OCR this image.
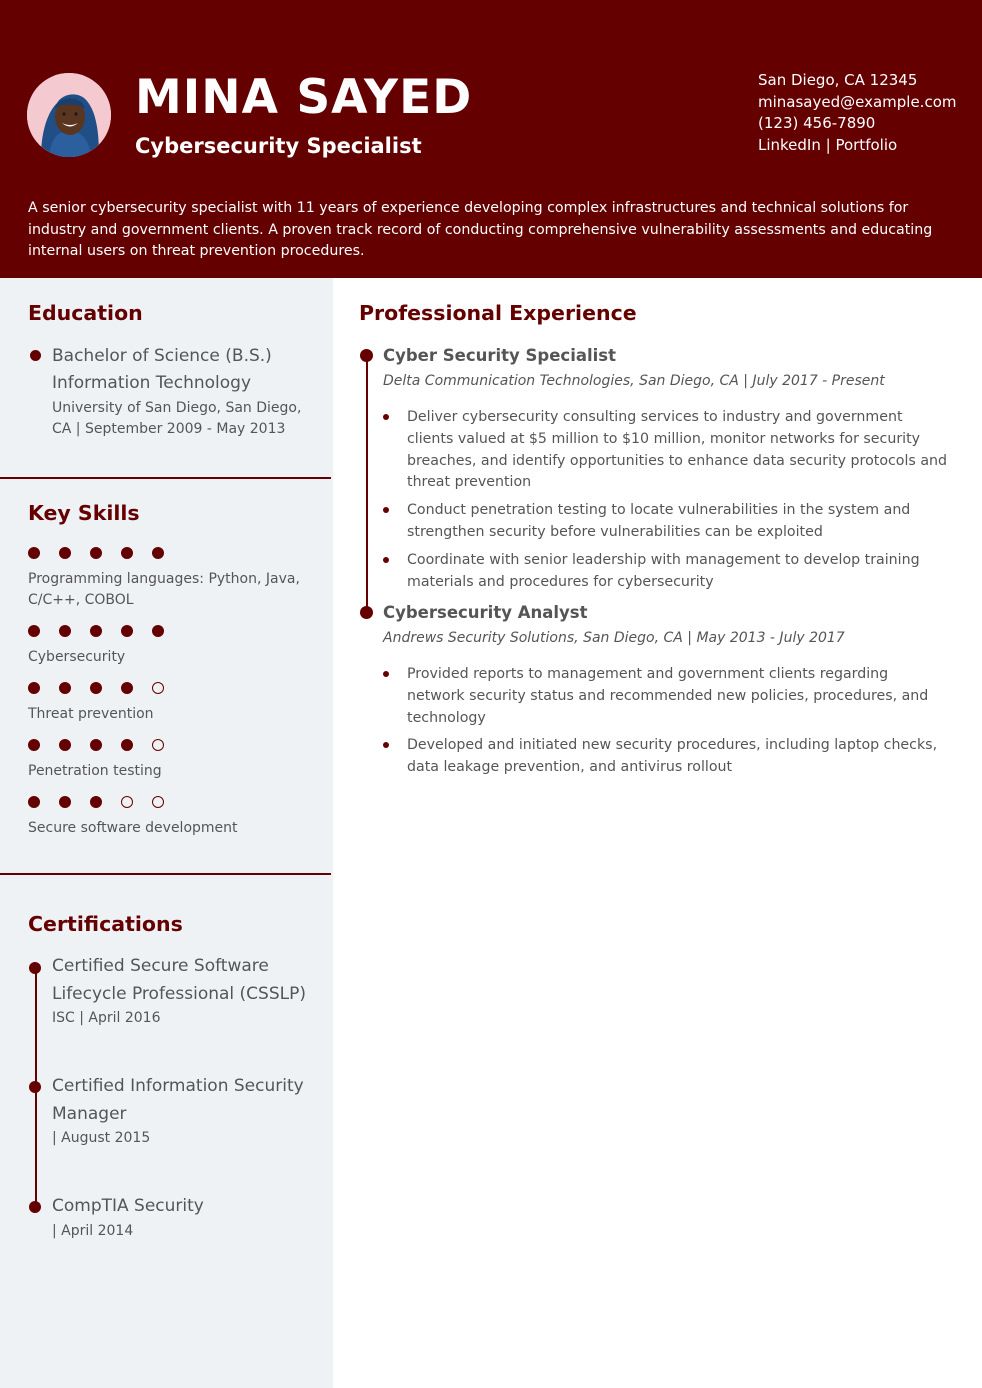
MINA SAYED
Cybersecurity Specialist
San Diego, CA 12345
minasayed@example.com
(123) 456-7890
LinkedIn | Portfolio
A senior cybersecurity specialist with 11 years of experience developing complex infrastructures and technical solutions for industry and government clients. A proven track record of conducting comprehensive vulnerability assessments and educating internal users on threat prevention procedures.
Education
Bachelor of Science (B.S.) Information Technology
University of San Diego, San Diego, CA | September 2009 - May 2013
Key Skills
Programming languages: Python, Java, C/C++, COBOL
Cybersecurity
Threat prevention
Penetration testing
Secure software development
Certifications
Certified Secure Software Lifecycle Professional (CSSLP)
ISC | April 2016
Certified Information Security Manager
| August 2015
CompTIA Security
| April 2014
Professional Experience
Cyber Security Specialist
Delta Communication Technologies, San Diego, CA | July 2017 - Present
Deliver cybersecurity consulting services to industry and government clients valued at $5 million to $10 million, monitor networks for security breaches, and identify opportunities to enhance data security protocols and threat prevention
Conduct penetration testing to locate vulnerabilities in the system and strengthen security before vulnerabilities can be exploited
Coordinate with senior leadership with management to develop training materials and procedures for cybersecurity
Cybersecurity Analyst
Andrews Security Solutions, San Diego, CA | May 2013 - July 2017
Provided reports to management and government clients regarding network security status and recommended new policies, procedures, and technology
Developed and initiated new security procedures, including laptop checks, data leakage prevention, and antivirus rollout
